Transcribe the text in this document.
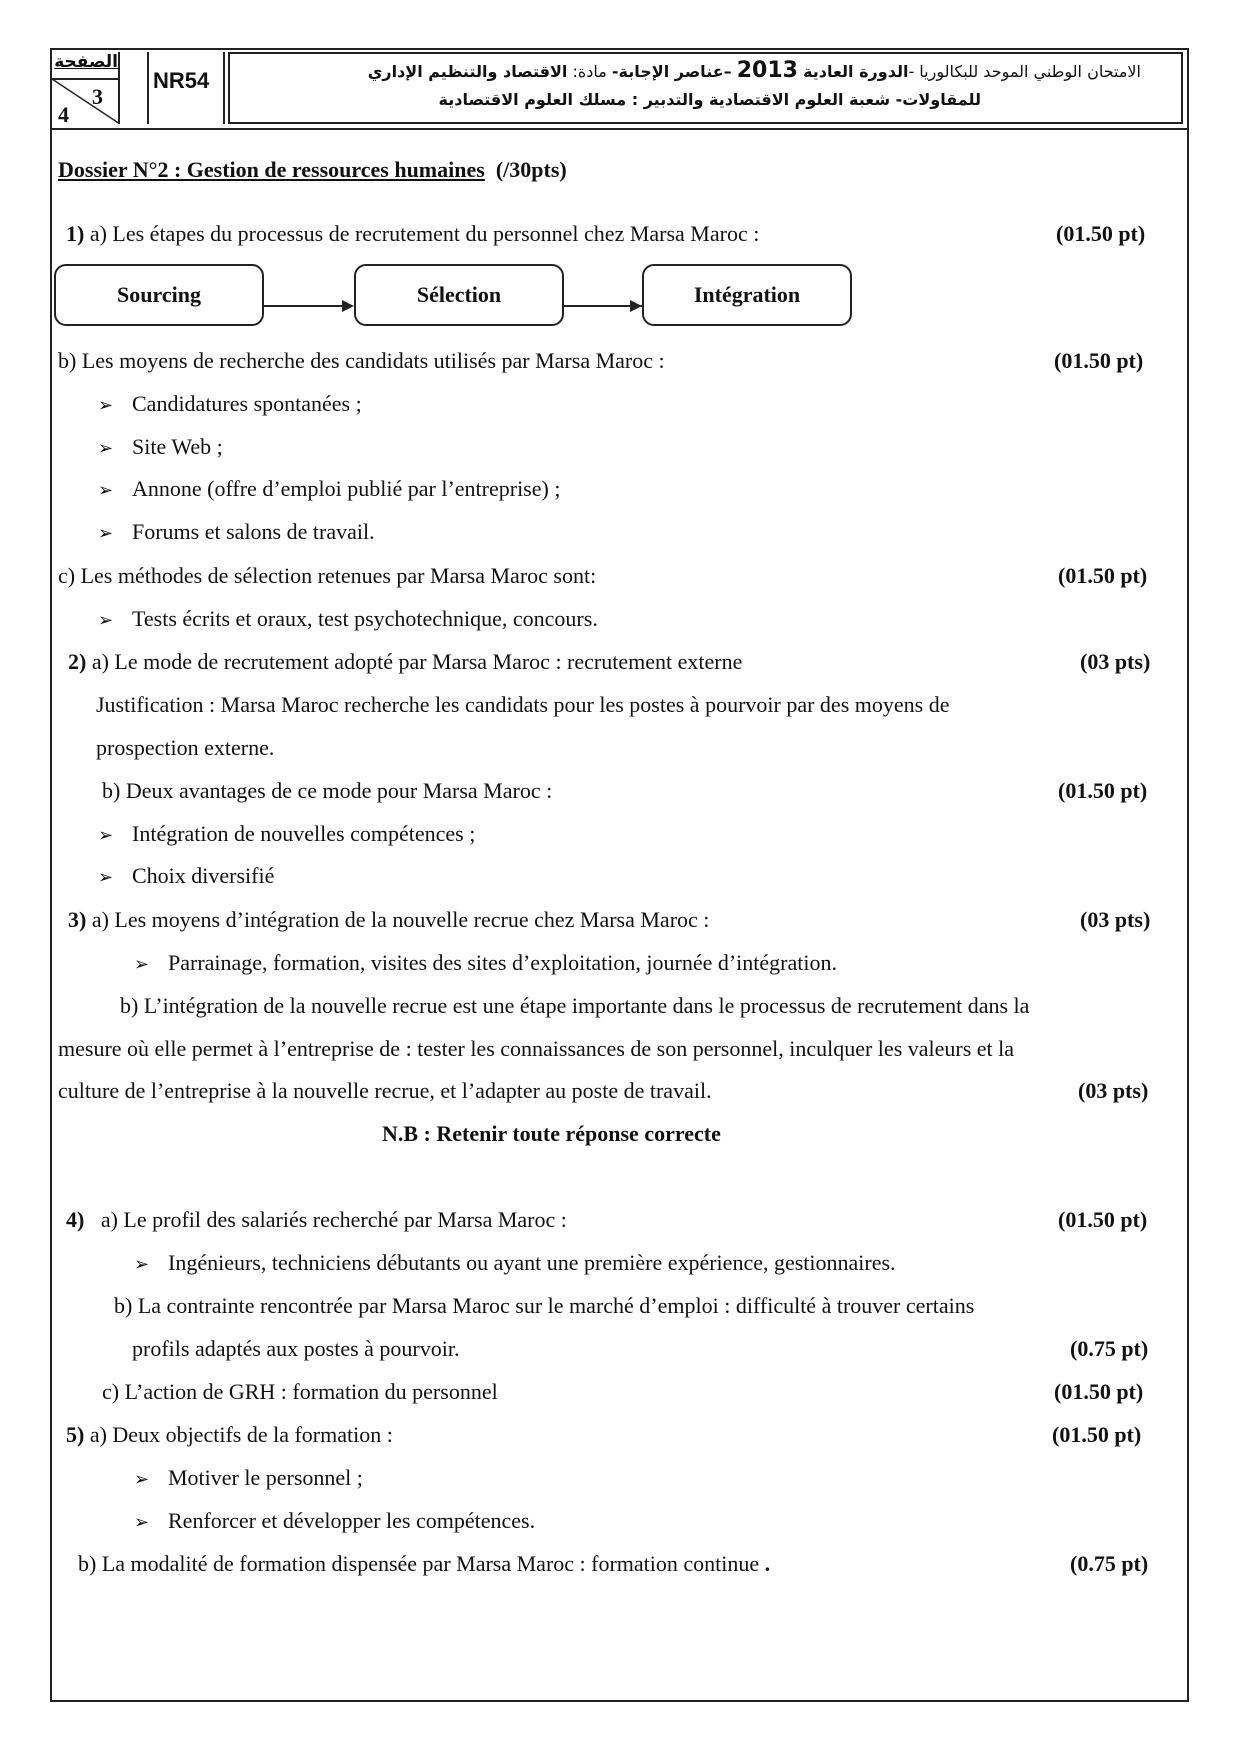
الصفحة
3
4
NR54	الامتحان الوطني الموحد للبكالوريا -الدورة العادية 2013 –عناصر الإجابة- مادة: الاقتصاد والتنظيم الإداري
للمقاولات- شعبة العلوم الاقتصادية والتدبير : مسلك العلوم الاقتصادية
Dossier N°2 : Gestion de ressources humaines (/30pts)
1) a) Les étapes du processus de recrutement du personnel chez Marsa Maroc :	(01.50 pt)
Sourcing	Sélection	Intégration
b) Les moyens de recherche des candidats utilisés par Marsa Maroc :	(01.50 pt)
➢ Candidatures spontanées ;
➢ Site Web ;
➢ Annone (offre d’emploi publié par l’entreprise) ;
➢ Forums et salons de travail.
c) Les méthodes de sélection retenues par Marsa Maroc sont:	(01.50 pt)
➢ Tests écrits et oraux, test psychotechnique, concours.
2) a) Le mode de recrutement adopté par Marsa Maroc : recrutement externe	(03 pts)
Justification : Marsa Maroc recherche les candidats pour les postes à pourvoir par des moyens de
prospection externe.
b) Deux avantages de ce mode pour Marsa Maroc :	(01.50 pt)
➢ Intégration de nouvelles compétences ;
➢ Choix diversifié
3) a) Les moyens d’intégration de la nouvelle recrue chez Marsa Maroc :	(03 pts)
➢ Parrainage, formation, visites des sites d’exploitation, journée d’intégration.
b) L’intégration de la nouvelle recrue est une étape importante dans le processus de recrutement dans la
mesure où elle permet à l’entreprise de : tester les connaissances de son personnel, inculquer les valeurs et la
culture de l’entreprise à la nouvelle recrue, et l’adapter au poste de travail.	(03 pts)
N.B : Retenir toute réponse correcte
4) a) Le profil des salariés recherché par Marsa Maroc :	(01.50 pt)
➢ Ingénieurs, techniciens débutants ou ayant une première expérience, gestionnaires.
b) La contrainte rencontrée par Marsa Maroc sur le marché d’emploi : difficulté à trouver certains
profils adaptés aux postes à pourvoir.	(0.75 pt)
c) L’action de GRH : formation du personnel	(01.50 pt)
5) a) Deux objectifs de la formation :	(01.50 pt)
➢ Motiver le personnel ;
➢ Renforcer et développer les compétences.
b) La modalité de formation dispensée par Marsa Maroc : formation continue .	(0.75 pt)
